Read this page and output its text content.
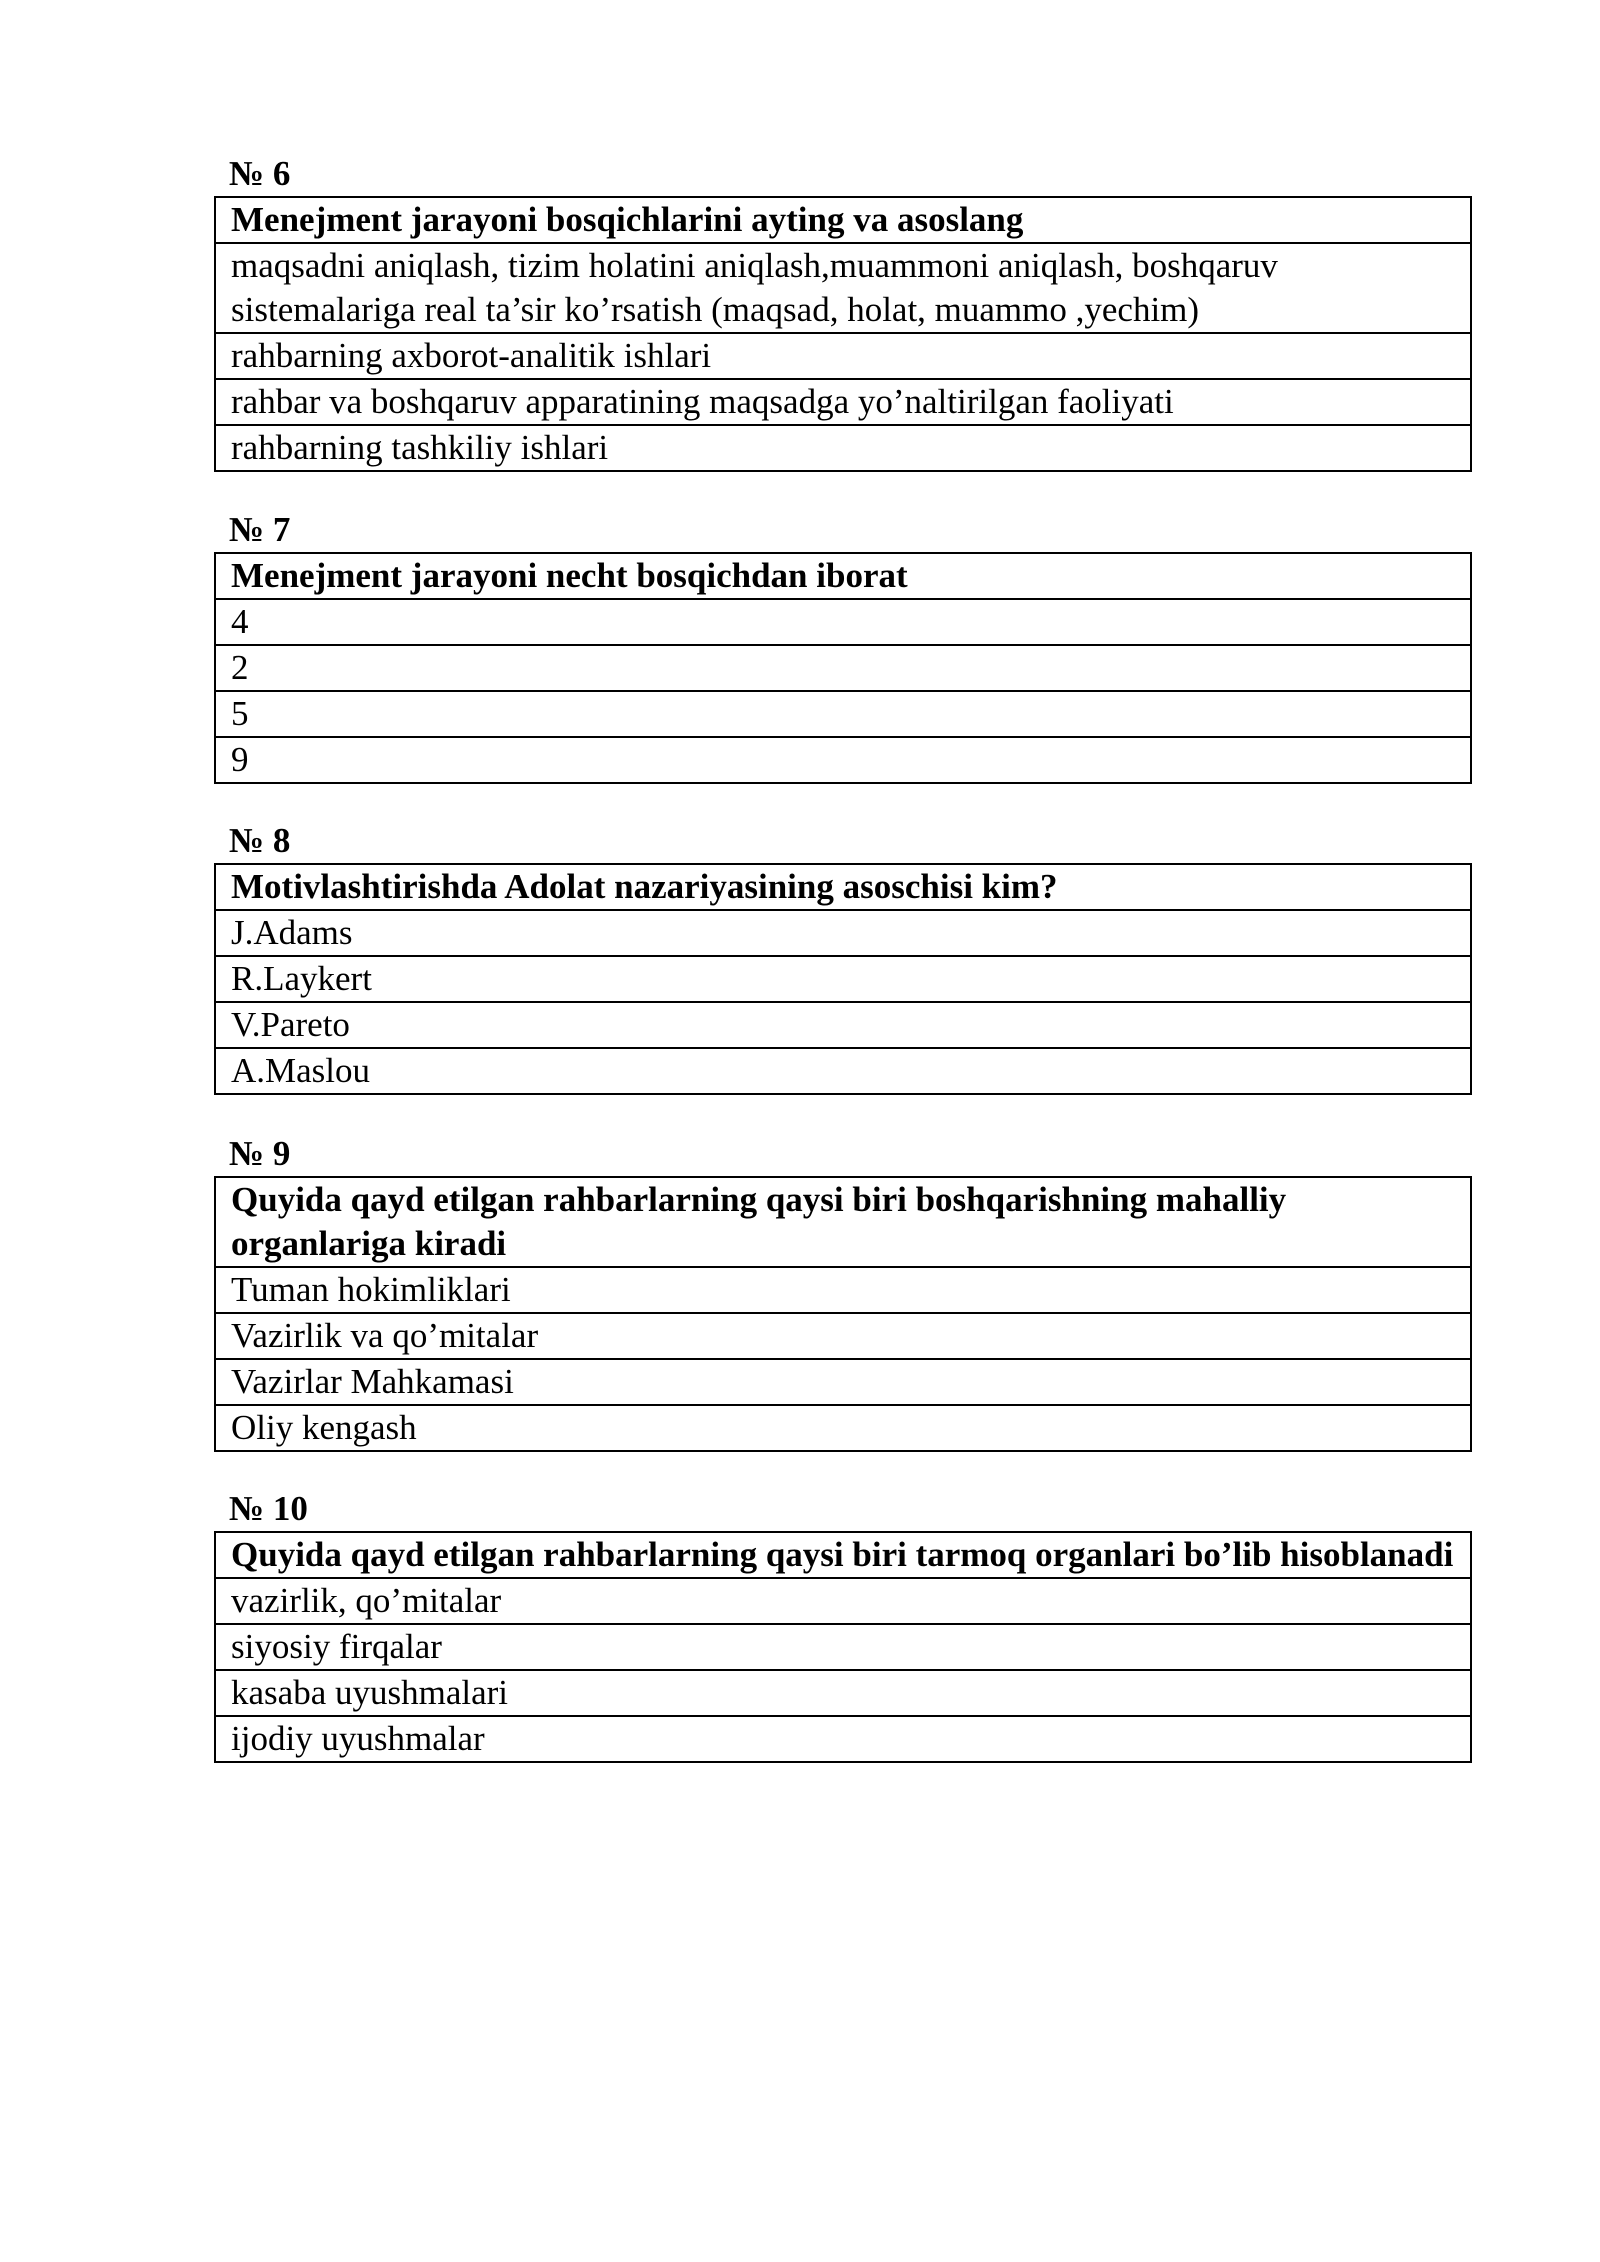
№ 6
Menejment jarayoni bosqichlarini ayting va asoslang
maqsadni aniqlash, tizim holatini aniqlash,muammoni aniqlash, boshqaruv sistemalariga real ta’sir ko’rsatish (maqsad, holat, muammo ,yechim)
rahbarning axborot-analitik ishlari
rahbar va boshqaruv apparatining maqsadga yo’naltirilgan faoliyati
rahbarning tashkiliy ishlari
№ 7
Menejment jarayoni necht bosqichdan iborat
4
2
5
9
№ 8
Motivlashtirishda Adolat nazariyasining asoschisi kim?
J.Adams
R.Laykert
V.Pareto
A.Maslou
№ 9
Quyida qayd etilgan rahbarlarning qaysi biri boshqarishning mahalliy organlariga kiradi
Tuman hokimliklari
Vazirlik va qo’mitalar
Vazirlar Mahkamasi
Oliy kengash
№ 10
Quyida qayd etilgan rahbarlarning qaysi biri tarmoq organlari bo’lib hisoblanadi
vazirlik, qo’mitalar
siyosiy firqalar
kasaba uyushmalari
ijodiy uyushmalar
